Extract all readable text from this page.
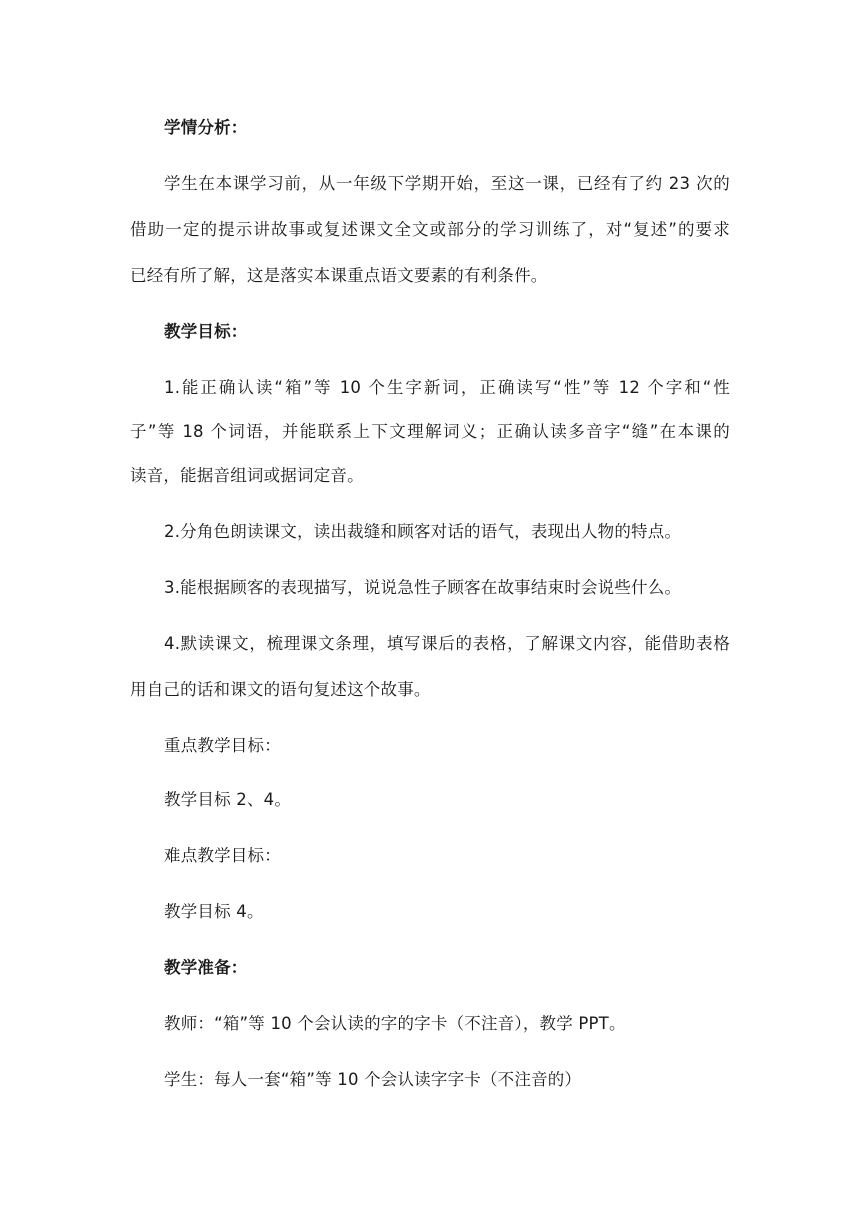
学情分析：
学生在本课学习前，从一年级下学期开始，至这一课，已经有了约 23 次的
借助一定的提示讲故事或复述课文全文或部分的学习训练了，对“复述”的要求
已经有所了解，这是落实本课重点语文要素的有利条件。
教学目标：
1.能正确认读“箱”等 10 个生字新词，正确读写“性”等 12 个字和“性
子”等 18 个词语，并能联系上下文理解词义；正确认读多音字“缝”在本课的
读音，能据音组词或据词定音。
2.分角色朗读课文，读出裁缝和顾客对话的语气，表现出人物的特点。
3.能根据顾客的表现描写，说说急性子顾客在故事结束时会说些什么。
4.默读课文，梳理课文条理，填写课后的表格，了解课文内容，能借助表格
用自己的话和课文的语句复述这个故事。
重点教学目标：
教学目标 2、4。
难点教学目标：
教学目标 4。
教学准备：
教师：“箱”等 10 个会认读的字的字卡（不注音），教学 PPT。
学生：每人一套“箱”等 10 个会认读字字卡（不注音的）
